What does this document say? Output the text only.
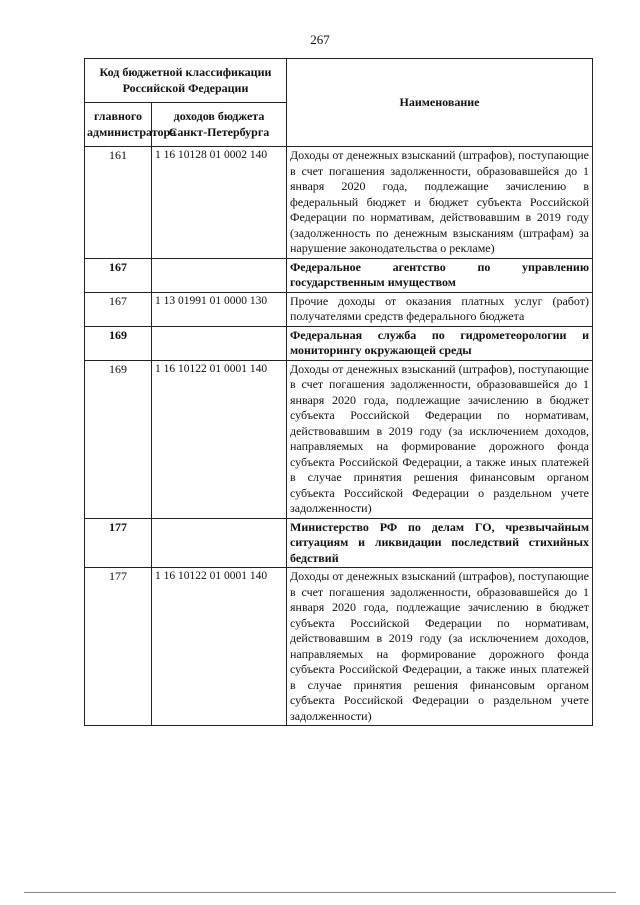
267
Код бюджетной классификации Российской Федерации		Наименование
главного администратора	доходов бюджета Санкт-Петербурга	
161	1 16 10128 01 0002 140	Доходы от денежных взысканий (штрафов), поступающие в счет погашения задолженности, образовавшейся до 1 января 2020 года, подлежащие зачислению в федеральный бюджет и бюджет субъекта Российской Федерации по нормативам, действовавшим в 2019 году (задолженность по денежным взысканиям (штрафам) за нарушение законодательства о рекламе)
167		Федеральное агентство по управлению государственным имуществом
167	1 13 01991 01 0000 130	Прочие доходы от оказания платных услуг (работ) получателями средств федерального бюджета
169		Федеральная служба по гидрометеорологии и мониторингу окружающей среды
169	1 16 10122 01 0001 140	Доходы от денежных взысканий (штрафов), поступающие в счет погашения задолженности, образовавшейся до 1 января 2020 года, подлежащие зачислению в бюджет субъекта Российской Федерации по нормативам, действовавшим в 2019 году (за исключением доходов, направляемых на формирование дорожного фонда субъекта Российской Федерации, а также иных платежей в случае принятия решения финансовым органом субъекта Российской Федерации о раздельном учете задолженности)
177		Министерство РФ по делам ГО, чрезвычайным ситуациям и ликвидации последствий стихийных бедствий
177	1 16 10122 01 0001 140	Доходы от денежных взысканий (штрафов), поступающие в счет погашения задолженности, образовавшейся до 1 января 2020 года, подлежащие зачислению в бюджет субъекта Российской Федерации по нормативам, действовавшим в 2019 году (за исключением доходов, направляемых на формирование дорожного фонда субъекта Российской Федерации, а также иных платежей в случае принятия решения финансовым органом субъекта Российской Федерации о раздельном учете задолженности)
